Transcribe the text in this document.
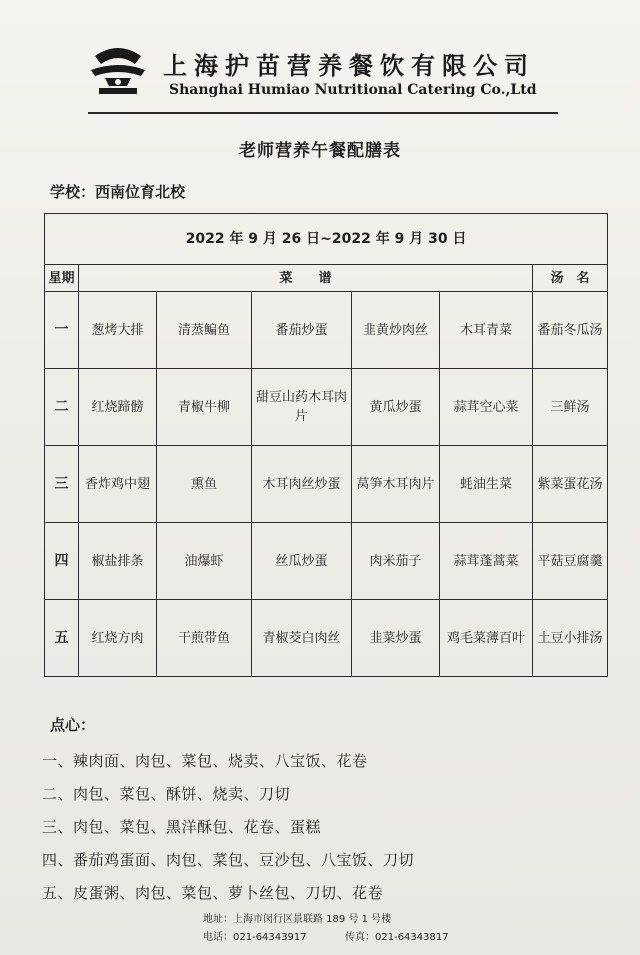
上海护苗营养餐饮有限公司
Shanghai Humiao Nutritional Catering Co.,Ltd
老师营养午餐配膳表
学校：西南位育北校
2022 年 9 月 26 日~2022 年 9 月 30 日						
星期	菜　　谱					汤　名
一	葱烤大排	清蒸鳊鱼	番茄炒蛋	韭黄炒肉丝	木耳青菜	番茄冬瓜汤
二	红烧蹄髈	青椒牛柳	甜豆山药木耳肉片	黄瓜炒蛋	蒜茸空心菜	三鲜汤
三	香炸鸡中翅	熏鱼	木耳肉丝炒蛋	莴笋木耳肉片	蚝油生菜	紫菜蛋花汤
四	椒盐排条	油爆虾	丝瓜炒蛋	肉米茄子	蒜茸蓬蒿菜	平菇豆腐羹
五	红烧方肉	干煎带鱼	青椒茭白肉丝	韭菜炒蛋	鸡毛菜薄百叶	土豆小排汤
点心：
一、辣肉面、肉包、菜包、烧卖、八宝饭、花卷
二、肉包、菜包、酥饼、烧卖、刀切
三、肉包、菜包、黑洋酥包、花卷、蛋糕
四、番茄鸡蛋面、肉包、菜包、豆沙包、八宝饭、刀切
五、皮蛋粥、肉包、菜包、萝卜丝包、刀切、花卷
地址：上海市闵行区景联路 189 号 1 号楼
电话：021-64343917	传真：021-64343817
